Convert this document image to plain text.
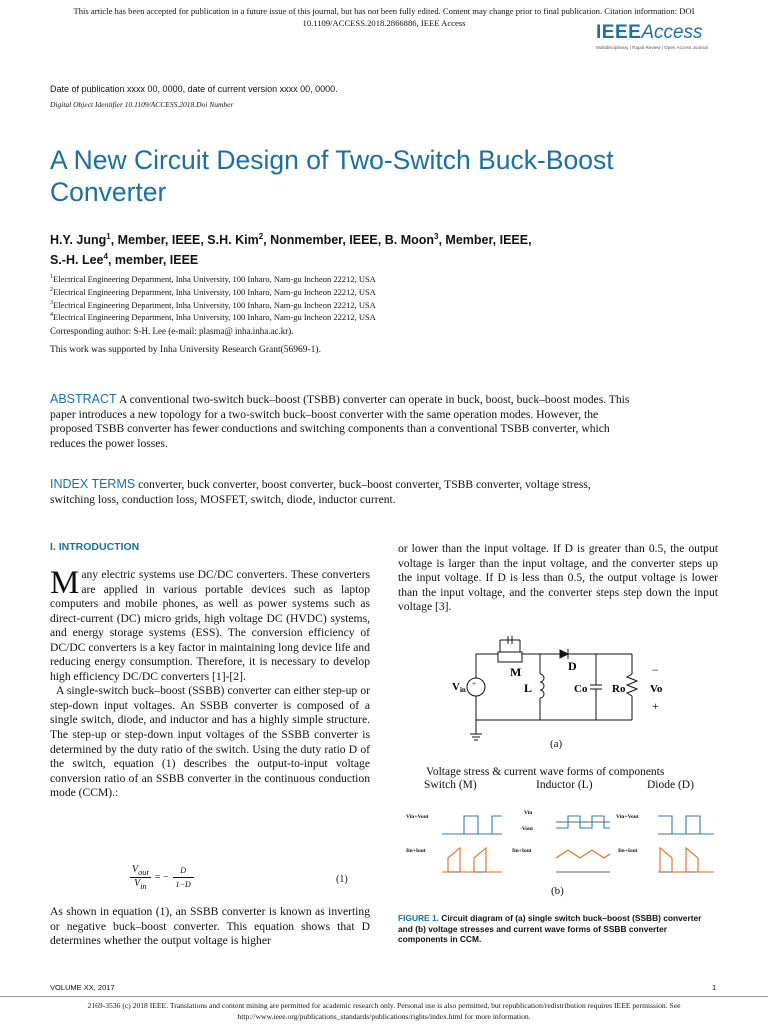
This article has been accepted for publication in a future issue of this journal, but has not been fully edited. Content may change prior to final publication. Citation information: DOI
10.1109/ACCESS.2018.2866886, IEEE Access	IEEEAccess
Multidisciplinary | Rapid Review | Open Access Journal
Date of publication xxxx 00, 0000, date of current version xxxx 00, 0000.
Digital Object Identifier 10.1109/ACCESS.2018.Doi Number
A New Circuit Design of Two-Switch Buck-Boost Converter
H.Y. Jung$^1$, Member, IEEE, S.H. Kim$^2$, Nonmember, IEEE, B. Moon$^3$, Member, IEEE,
S.-H. Lee$^4$, member, IEEE
$^1$Electrical Engineering Department, Inha University, 100 Inharo, Nam-gu Incheon 22212, USA
$^2$Electrical Engineering Department, Inha University, 100 Inharo, Nam-gu Incheon 22212, USA
$^3$Electrical Engineering Department, Inha University, 100 Inharo, Nam-gu Incheon 22212, USA
$^4$Electrical Engineering Department, Inha University, 100 Inharo, Nam-gu Incheon 22212, USA
Corresponding author: S-H. Lee (e-mail: plasma@ inha.inha.ac.kr).
This work was supported by Inha University Research Grant(56969-1).
ABSTRACT A conventional two-switch buck–boost (TSBB) converter can operate in buck, boost, buck–boost modes. This paper introduces a new topology for a two-switch buck–boost converter with the same operation modes. However, the proposed TSBB converter has fewer conductions and switching components than a conventional TSBB converter, which reduces the power losses.
INDEX TERMS converter, buck converter, boost converter, buck–boost converter, TSBB converter, voltage stress, switching loss, conduction loss, MOSFET, switch, diode, inductor current.
I. INTRODUCTION

Many electric systems use DC/DC converters. These converters are applied in various portable devices such as laptop computers and mobile phones, as well as power systems such as direct-current (DC) micro grids, high voltage DC (HVDC) systems, and energy storage systems (ESS). The conversion efficiency of DC/DC converters is a key factor in maintaining long device life and reducing energy consumption. Therefore, it is necessary to develop high efficiency DC/DC converters [1]-[2].

A single-switch buck–boost (SSBB) converter can either step-up or step-down input voltages. An SSBB converter is composed of a single switch, diode, and inductor and has a highly simple structure. The step-up or step-down input voltages of the SSBB converter is determined by the duty ratio of the switch. Using the duty ratio D of the switch, equation (1) describes the output-to-input voltage conversion ratio of an SSBB converter in the continuous conduction mode (CCM).:

$V_{out}$	= −	D
$V_{in}$		1−D	(1)
As shown in equation (1), an SSBB converter is known as inverting or negative buck–boost converter. This equation shows that D determines whether the output voltage is higher
or lower than the input voltage. If D is greater than 0.5, the output voltage is larger than the input voltage, and the converter steps up the input voltage. If D is less than 0.5, the output voltage is lower than the input voltage, and the converter steps step down the input voltage [3].
+
M	D
L	Co Ro
Vin	Vo
−
+
(a)
Voltage stress & current wave forms of components
Switch (M)	Inductor (L)	Diode (D)
Vin+Vout
Iin+Iout
Vin
-Vout
Iin+Iout
Vin+Vout
Iin+Iout
(b)
FIGURE 1. Circuit diagram of (a) single switch buck–boost (SSBB) converter and (b) voltage stresses and current wave forms of SSBB converter components in CCM.
VOLUME XX, 2017	1
2169-3536 (c) 2018 IEEE. Translations and content mining are permitted for academic research only. Personal use is also permitted, but republication/redistribution requires IEEE permission. See
http://www.ieee.org/publications_standards/publications/rights/index.html for more information.
